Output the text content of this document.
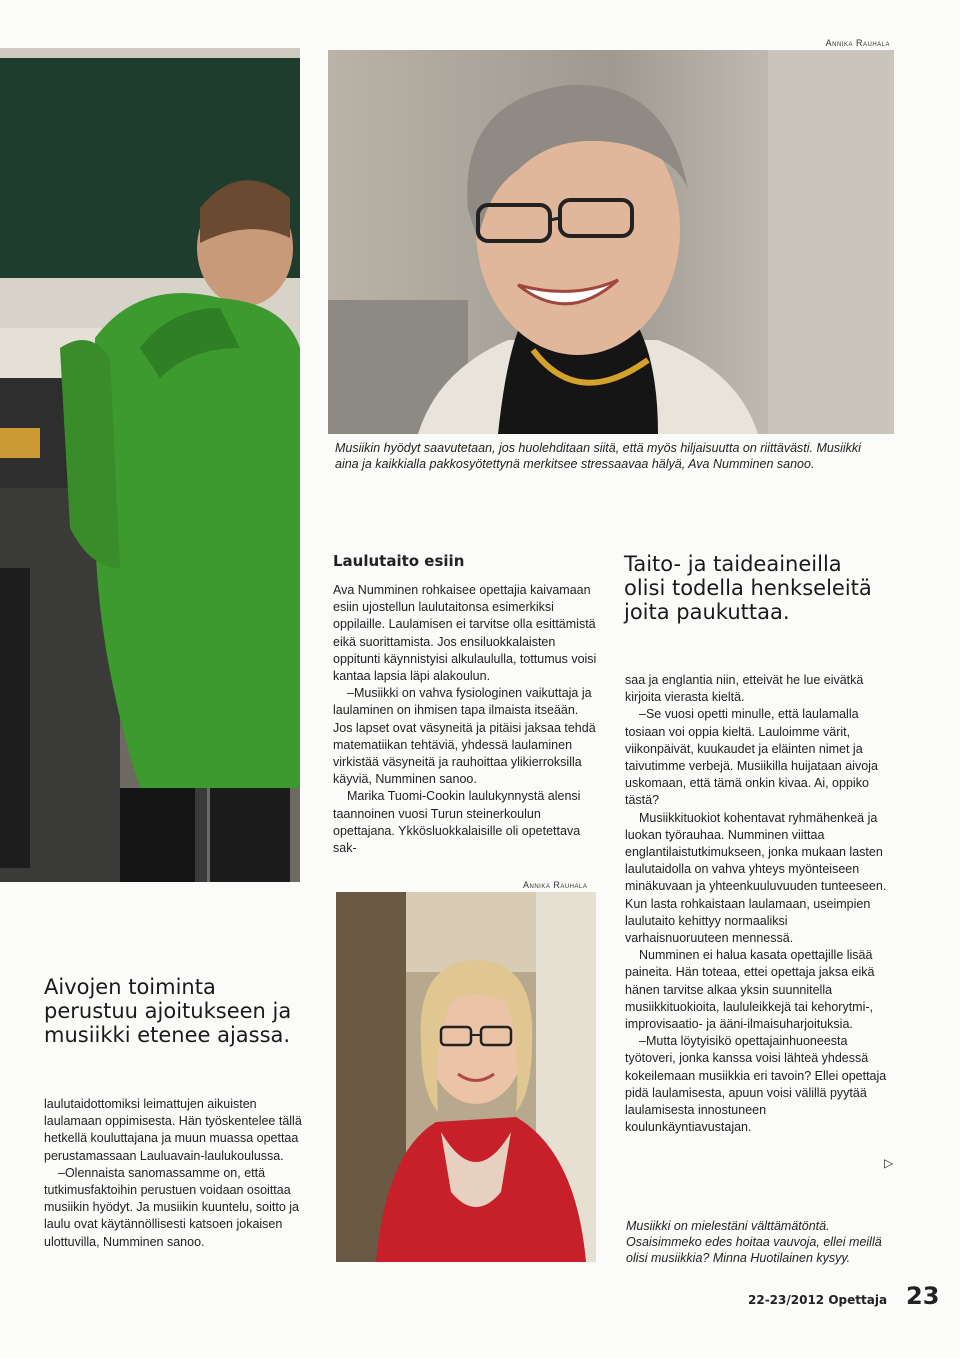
Annika Rauhala
Musiikin hyödyt saavutetaan, jos huolehditaan siitä, että myös hiljaisuutta on riittävästi. Musiikki aina ja kaikkialla pakkosyötettynä merkitsee stressaavaa hälyä, Ava Numminen sanoo.
Laulutaito esiin

Ava Numminen rohkaisee opettajia kaivamaan esiin ujostellun laulutaitonsa esimerkiksi oppilaille. Laulamisen ei tarvitse olla esittämistä eikä suorittamista. Jos ensiluokkalaisten oppitunti käynnistyisi alkulaululla, tottumus voisi kantaa lapsia läpi alakoulun.

–Musiikki on vahva fysiologinen vaikuttaja ja laulaminen on ihmisen tapa ilmaista itseään. Jos lapset ovat väsyneitä ja pitäisi jaksaa tehdä matematiikan tehtäviä, yhdessä laulaminen virkistää väsyneitä ja rauhoittaa ylikierroksilla käyviä, Numminen sanoo.

Marika Tuomi-Cookin laulukynnystä alensi taannoinen vuosi Turun steinerkoulun opettajana. Ykkösluokkalaisille oli opetettava sak-

Annika Rauhala
Taito- ja taideaineilla olisi todella henkseleitä joita paukuttaa.

saa ja englantia niin, etteivät he lue eivätkä kirjoita vierasta kieltä.

–Se vuosi opetti minulle, että laulamalla tosiaan voi oppia kieltä. Lauloimme värit, viikonpäivät, kuukaudet ja eläinten nimet ja taivutimme verbejä. Musiikilla huijataan aivoja uskomaan, että tämä onkin kivaa. Ai, oppiko tästä?

Musiikkituokiot kohentavat ryhmähenkeä ja luokan työrauhaa. Numminen viittaa englantilaistutkimukseen, jonka mukaan lasten laulutaidolla on vahva yhteys myönteiseen minäkuvaan ja yhteenkuuluvuuden tunteeseen. Kun lasta rohkaistaan laulamaan, useimpien laulutaito kehittyy normaaliksi varhaisnuoruuteen mennessä.

Numminen ei halua kasata opettajille lisää paineita. Hän toteaa, ettei opettaja jaksa eikä hänen tarvitse alkaa yksin suunnitella musiikkituokioita, laululeikkejä tai kehorytmi-, improvisaatio- ja ääni-ilmaisuharjoituksia.

–Mutta löytyisikö opettajainhuoneesta työtoveri, jonka kanssa voisi lähteä yhdessä kokeilemaan musiikkia eri tavoin? Ellei opettaja pidä laulamisesta, apuun voisi välillä pyytää laulamisesta innostuneen koulunkäyntiavustajan.

▷
Musiikki on mielestäni välttämätöntä. Osaisimmeko edes hoitaa vauvoja, ellei meillä olisi musiikkia? Minna Huotilainen kysyy.
Aivojen toiminta perustuu ajoitukseen ja musiikki etenee ajassa.

laulutaidottomiksi leimattujen aikuisten laulamaan oppimisesta. Hän työskentelee tällä hetkellä kouluttajana ja muun muassa opettaa perustamassaan Lauluavain-laulukoulussa.

–Olennaista sanomassamme on, että tutkimusfaktoihin perustuen voidaan osoittaa musiikin hyödyt. Ja musiikin kuuntelu, soitto ja laulu ovat käytännöllisesti katsoen jokaisen ulottuvilla, Numminen sanoo.

22-23/2012 Opettaja 23
